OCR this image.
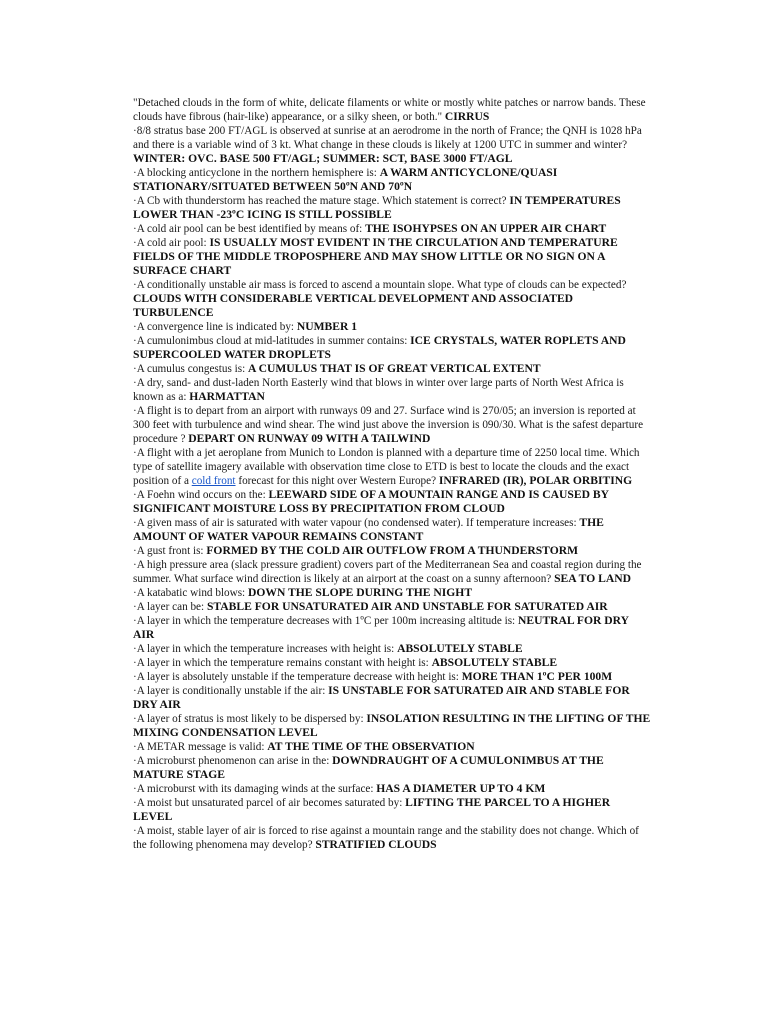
"Detached clouds in the form of white, delicate filaments or white or mostly white patches or narrow bands. These clouds have fibrous (hair-like) appearance, or a silky sheen, or both." CIRRUS

·8/8 stratus base 200 FT/AGL is observed at sunrise at an aerodrome in the north of France; the QNH is 1028 hPa and there is a variable wind of 3 kt. What change in these clouds is likely at 1200 UTC in summer and winter? WINTER: OVC. BASE 500 FT/AGL; SUMMER: SCT, BASE 3000 FT/AGL

·A blocking anticyclone in the northern hemisphere is: A WARM ANTICYCLONE/QUASI STATIONARY/SITUATED BETWEEN 50ºN AND 70ºN

·A Cb with thunderstorm has reached the mature stage. Which statement is correct? IN TEMPERATURES LOWER THAN -23ºC ICING IS STILL POSSIBLE

·A cold air pool can be best identified by means of: THE ISOHYPSES ON AN UPPER AIR CHART

·A cold air pool: IS USUALLY MOST EVIDENT IN THE CIRCULATION AND TEMPERATURE FIELDS OF THE MIDDLE TROPOSPHERE AND MAY SHOW LITTLE OR NO SIGN ON A SURFACE CHART

·A conditionally unstable air mass is forced to ascend a mountain slope. What type of clouds can be expected? CLOUDS WITH CONSIDERABLE VERTICAL DEVELOPMENT AND ASSOCIATED TURBULENCE

·A convergence line is indicated by: NUMBER 1

·A cumulonimbus cloud at mid-latitudes in summer contains: ICE CRYSTALS, WATER ROPLETS AND SUPERCOOLED WATER DROPLETS

·A cumulus congestus is: A CUMULUS THAT IS OF GREAT VERTICAL EXTENT

·A dry, sand- and dust-laden North Easterly wind that blows in winter over large parts of North West Africa is known as a: HARMATTAN

·A flight is to depart from an airport with runways 09 and 27. Surface wind is 270/05; an inversion is reported at 300 feet with turbulence and wind shear. The wind just above the inversion is 090/30. What is the safest departure procedure ? DEPART ON RUNWAY 09 WITH A TAILWIND

·A flight with a jet aeroplane from Munich to London is planned with a departure time of 2250 local time. Which type of satellite imagery available with observation time close to ETD is best to locate the clouds and the exact position of a cold front forecast for this night over Western Europe? INFRARED (IR), POLAR ORBITING

·A Foehn wind occurs on the: LEEWARD SIDE OF A MOUNTAIN RANGE AND IS CAUSED BY SIGNIFICANT MOISTURE LOSS BY PRECIPITATION FROM CLOUD

·A given mass of air is saturated with water vapour (no condensed water). If temperature increases: THE AMOUNT OF WATER VAPOUR REMAINS CONSTANT

·A gust front is: FORMED BY THE COLD AIR OUTFLOW FROM A THUNDERSTORM

·A high pressure area (slack pressure gradient) covers part of the Mediterranean Sea and coastal region during the summer. What surface wind direction is likely at an airport at the coast on a sunny afternoon? SEA TO LAND

·A katabatic wind blows: DOWN THE SLOPE DURING THE NIGHT

·A layer can be: STABLE FOR UNSATURATED AIR AND UNSTABLE FOR SATURATED AIR

·A layer in which the temperature decreases with 1ºC per 100m increasing altitude is: NEUTRAL FOR DRY AIR

·A layer in which the temperature increases with height is: ABSOLUTELY STABLE

·A layer in which the temperature remains constant with height is: ABSOLUTELY STABLE

·A layer is absolutely unstable if the temperature decrease with height is: MORE THAN 1ºC PER 100M

·A layer is conditionally unstable if the air: IS UNSTABLE FOR SATURATED AIR AND STABLE FOR DRY AIR

·A layer of stratus is most likely to be dispersed by: INSOLATION RESULTING IN THE LIFTING OF THE MIXING CONDENSATION LEVEL

·A METAR message is valid: AT THE TIME OF THE OBSERVATION

·A microburst phenomenon can arise in the: DOWNDRAUGHT OF A CUMULONIMBUS AT THE MATURE STAGE

·A microburst with its damaging winds at the surface: HAS A DIAMETER UP TO 4 KM

·A moist but unsaturated parcel of air becomes saturated by: LIFTING THE PARCEL TO A HIGHER LEVEL

·A moist, stable layer of air is forced to rise against a mountain range and the stability does not change. Which of the following phenomena may develop? STRATIFIED CLOUDS
